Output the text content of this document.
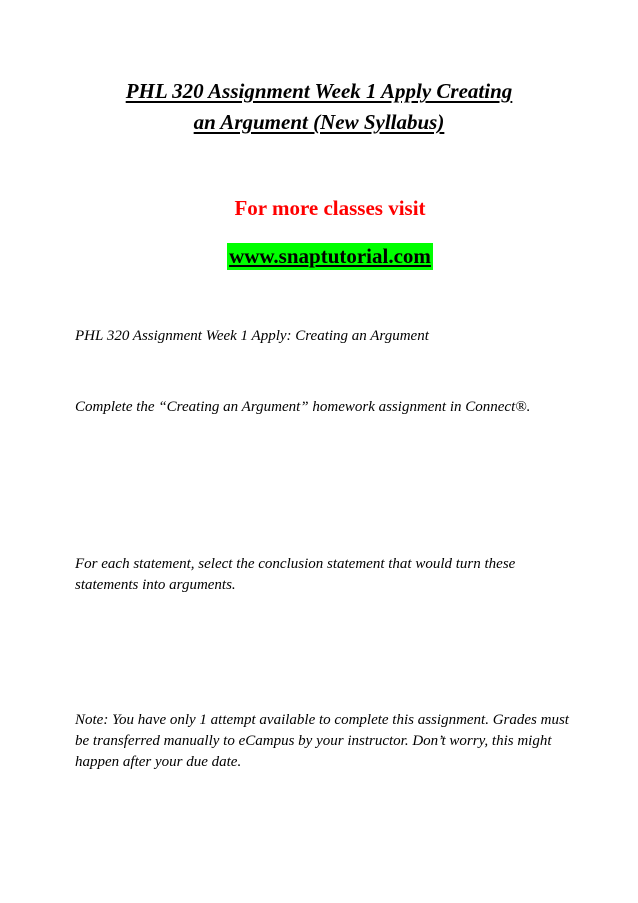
PHL 320 Assignment Week 1 Apply Creating
an Argument (New Syllabus)
For more classes visit
www.snaptutorial.com

PHL 320 Assignment Week 1 Apply: Creating an Argument

Complete the “Creating an Argument” homework assignment in Connect®.

For each statement, select the conclusion statement that would turn these statements into arguments.

Note: You have only 1 attempt available to complete this assignment. Grades must be transferred manually to eCampus by your instructor. Don’t worry, this might happen after your due date.
